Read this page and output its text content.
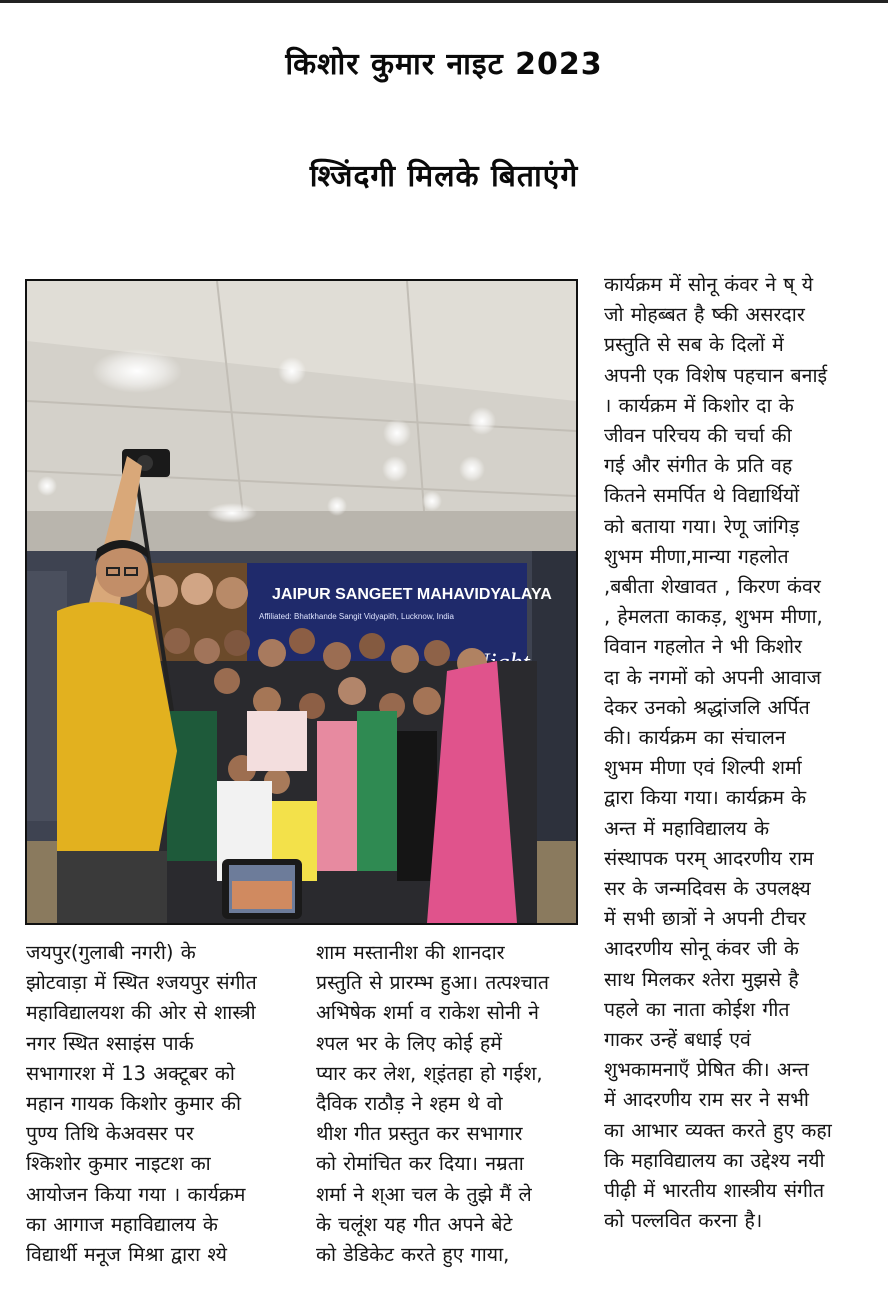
किशोर कुमार नाइट 2023
श्जिंदगी मिलके बिताएंगे
JAIPUR SANGEET MAHAVIDYALAYA
Affiliated: Bhatkhande Sangit Vidyapith, Lucknow, India
कार्यक्रम में सोनू कंवर ने ष् ये
जो मोहब्बत है ष्की असरदार
प्रस्तुति से सब के दिलों में
अपनी एक विशेष पहचान बनाई
। कार्यक्रम में किशोर दा के
जीवन परिचय की चर्चा की
गई और संगीत के प्रति वह
कितने समर्पित थे विद्यार्थियों
को बताया गया। रेणू जांगिड़
शुभम मीणा,मान्या गहलोत
,बबीता शेखावत , किरण कंवर
, हेमलता काकड़, शुभम मीणा,
विवान गहलोत ने भी किशोर
दा के नगमों को अपनी आवाज
देकर उनको श्रद्धांजलि अर्पित
की। कार्यक्रम का संचालन
शुभम मीणा एवं शिल्पी शर्मा
द्वारा किया गया। कार्यक्रम के
अन्त में महाविद्यालय के
संस्थापक परम् आदरणीय राम
सर के जन्मदिवस के उपलक्ष्य
में सभी छात्रों ने अपनी टीचर
आदरणीय सोनू कंवर जी के
साथ मिलकर श्तेरा मुझसे है
पहले का नाता कोईश गीत
गाकर उन्हें बधाई एवं
शुभकामनाएँ प्रेषित की। अन्त
में आदरणीय राम सर ने सभी
का आभार व्यक्त करते हुए कहा
कि महाविद्यालय का उद्देश्य नयी
पीढ़ी में भारतीय शास्त्रीय संगीत
को पल्लवित करना है।
जयपुर(गुलाबी नगरी) के
झोटवाड़ा में स्थित श्जयपुर संगीत
महाविद्यालयश की ओर से शास्त्री
नगर स्थित श्साइंस पार्क
सभागारश में 13 अक्टूबर को
महान गायक किशोर कुमार की
पुण्य तिथि केअवसर पर
श्किशोर कुमार नाइटश का
आयोजन किया गया । कार्यक्रम
का आगाज महाविद्यालय के
विद्यार्थी मनूज मिश्रा द्वारा श्ये
शाम मस्तानीश की शानदार
प्रस्तुति से प्रारम्भ हुआ। तत्पश्चात
अभिषेक शर्मा व राकेश सोनी ने
श्पल भर के लिए कोई हमें
प्यार कर लेश, श्इंतहा हो गईश,
दैविक राठौड़ ने श्हम थे वो
थीश गीत प्रस्तुत कर सभागार
को रोमांचित कर दिया। नम्रता
शर्मा ने श्आ चल के तुझे मैं ले
के चलूंश यह गीत अपने बेटे
को डेडिकेट करते हुए गाया,
